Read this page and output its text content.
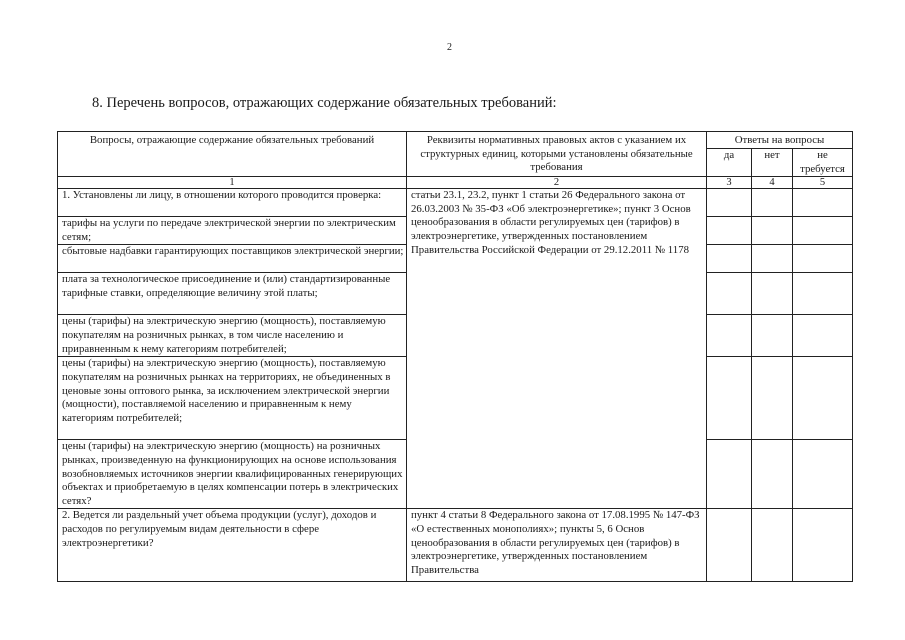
2
8. Перечень вопросов, отражающих содержание обязательных требований:
Вопросы, отражающие содержание обязательных требований	Реквизиты нормативных правовых актов с указанием их структурных единиц, которыми установлены обязательные требования	Ответы на вопросы		
		да	нет	не требуется
1	2	3	4	5
1. Установлены ли лицу, в отношении которого проводится проверка:	статьи 23.1, 23.2, пункт 1 статьи 26 Федерального закона от 26.03.2003 № 35-ФЗ «Об электроэнергетике»; пункт 3 Основ ценообразования в области регулируемых цен (тарифов) в электроэнергетике, утвержденных постановлением Правительства Российской Федерации от 29.12.2011 № 1178			
тарифы на услуги по передаче электрической энергии по электрическим сетям;				
сбытовые надбавки гарантирующих поставщиков электрической энергии;				
плата за технологическое присоединение и (или) стандартизированные тарифные ставки, определяющие величину этой платы;				
цены (тарифы) на электрическую энергию (мощность), поставляемую покупателям на розничных рынках, в том числе населению и приравненным к нему категориям потребителей;				
цены (тарифы) на электрическую энергию (мощность), поставляемую покупателям на розничных рынках на территориях, не объединенных в ценовые зоны оптового рынка, за исключением электрической энергии (мощности), поставляемой населению и приравненным к нему категориям потребителей;				
цены (тарифы) на электрическую энергию (мощность) на розничных рынках, произведенную на функционирующих на основе использования возобновляемых источников энергии квалифицированных генерирующих объектах и приобретаемую в целях компенсации потерь в электрических сетях?				
2. Ведется ли раздельный учет объема продукции (услуг), доходов и расходов по регулируемым видам деятельности в сфере электроэнергетики?	пункт 4 статьи 8 Федерального закона от 17.08.1995 № 147-ФЗ «О естественных монополиях»; пункты 5, 6 Основ ценообразования в области регулируемых цен (тарифов) в электроэнергетике, утвержденных постановлением Правительства			
